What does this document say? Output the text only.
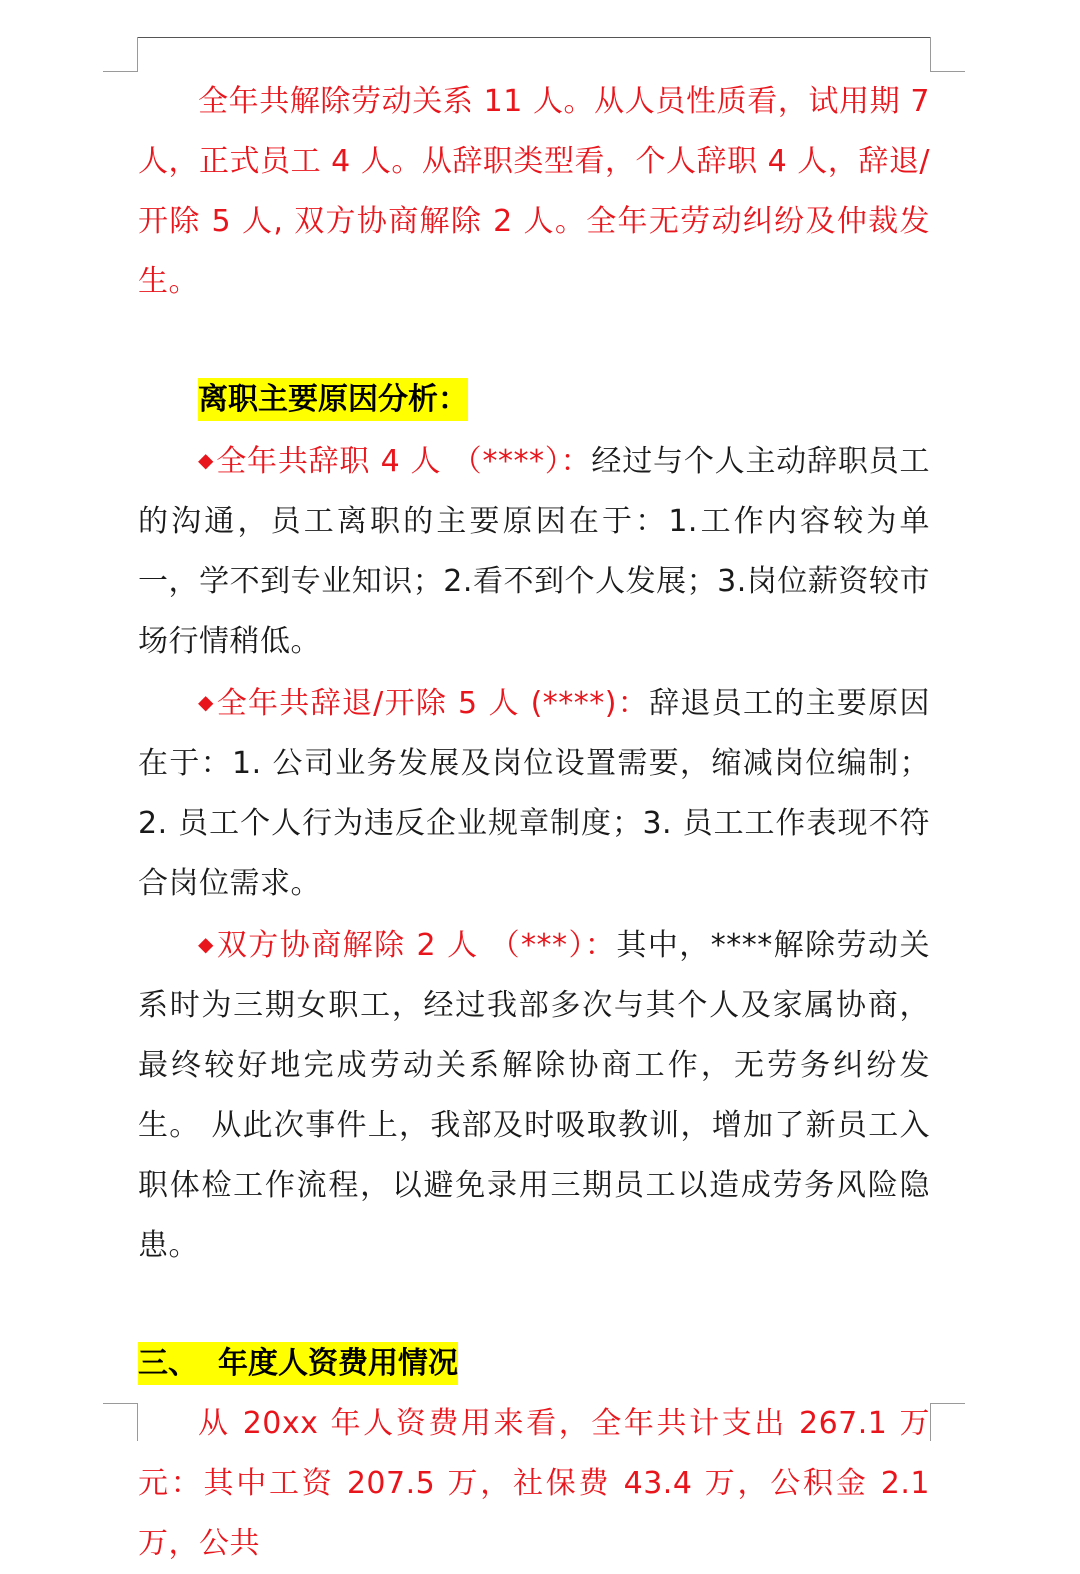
全年共解除劳动关系 11 人。从人员性质看，试用期 7 人，正式员工 4 人。从辞职类型看，个人辞职 4 人，辞退/开除 5 人, 双方协商解除 2 人。全年无劳动纠纷及仲裁发生。

离职主要原因分析：

◆全年共辞职 4 人 （****）：经过与个人主动辞职员工的沟通，员工离职的主要原因在于：1.工作内容较为单一，学不到专业知识；2.看不到个人发展；3.岗位薪资较市场行情稍低。

◆全年共辞退/开除 5 人 (****)：辞退员工的主要原因在于：1. 公司业务发展及岗位设置需要，缩减岗位编制；2. 员工个人行为违反企业规章制度；3. 员工工作表现不符合岗位需求。

◆双方协商解除 2 人 （***）：其中，****解除劳动关系时为三期女职工，经过我部多次与其个人及家属协商，最终较好地完成劳动关系解除协商工作，无劳务纠纷发生。 从此次事件上，我部及时吸取教训，增加了新员工入职体检工作流程，以避免录用三期员工以造成劳务风险隐患。

三、 年度人资费用情况

从 20xx 年人资费用来看，全年共计支出 267.1 万元：其中工资 207.5 万，社保费 43.4 万，公积金 2.1 万，公共
